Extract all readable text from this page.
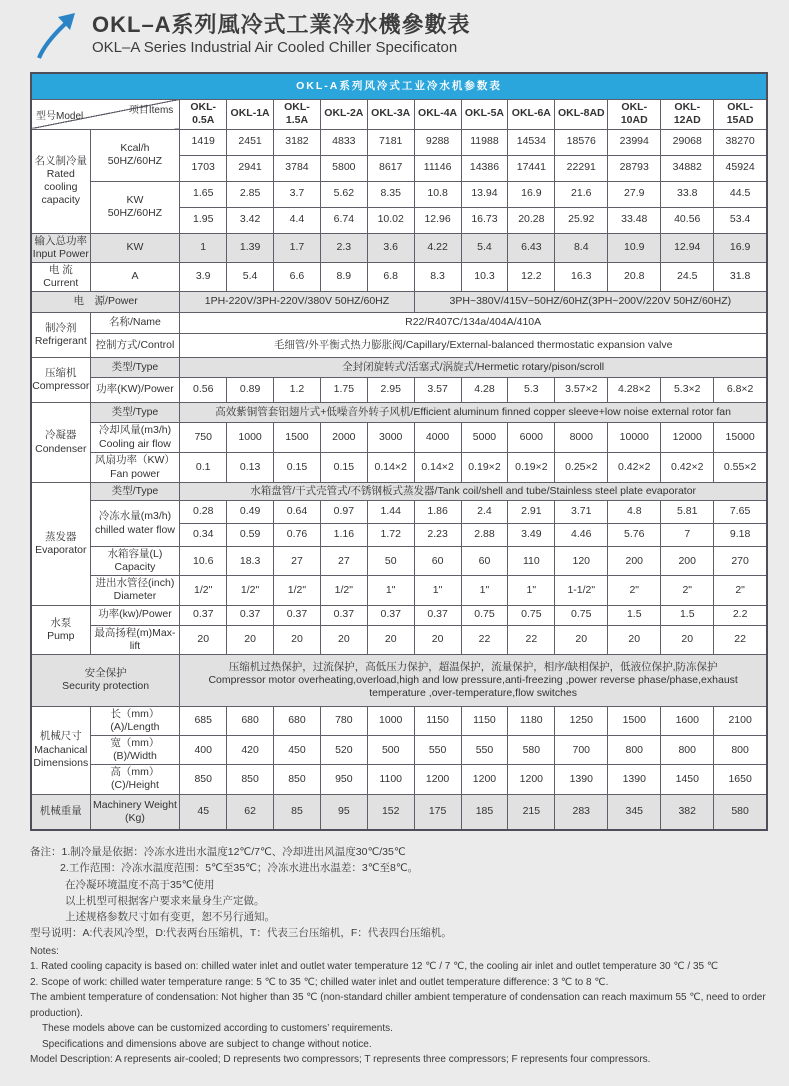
OKL–A系列風冷式工業冷水機參數表
OKL–A Series Industrial Air Cooled Chiller Specificaton
OKL-A系列风冷式工业冷水机参数表													

型号Model
项目Items		OKL-0.5A	OKL-1A	OKL-1.5A	OKL-2A	OKL-3A	OKL-4A	OKL-5A	OKL-6A	OKL-8AD	OKL-10AD	OKL-12AD	OKL-15AD
名义制冷量
Rated
cooling
capacity	Kcal/h
50HZ/60HZ	1419	2451	3182	4833	7181	9288	11988	14534	18576	23994	29068	38270
		1703	2941	3784	5800	8617	11146	14386	17441	22291	28793	34882	45924
	KW
50HZ/60HZ	1.65	2.85	3.7	5.62	8.35	10.8	13.94	16.9	21.6	27.9	33.8	44.5
		1.95	3.42	4.4	6.74	10.02	12.96	16.73	20.28	25.92	33.48	40.56	53.4
输入总功率
Input Power	KW	1	1.39	1.7	2.3	3.6	4.22	5.4	6.43	8.4	10.9	12.94	16.9
电 流
Current	A	3.9	5.4	6.6	8.9	6.8	8.3	10.3	12.2	16.3	20.8	24.5	31.8
电　源/Power		1PH-220V/3PH-220V/380V 50HZ/60HZ					3PH~380V/415V~50HZ/60HZ(3PH~200V/220V 50HZ/60HZ)						
制冷剂
Refrigerant	名称/Name	R22/R407C/134a/404A/410A											
	控制方式/Control	毛细管/外平衡式热力膨胀阀/Capillary/External-balanced thermostatic expansion valve											
压缩机
Compressor	类型/Type	全封闭旋转式/活塞式/涡旋式/Hermetic rotary/pison/scroll											
	功率(KW)/Power	0.56	0.89	1.2	1.75	2.95	3.57	4.28	5.3	3.57×2	4.28×2	5.3×2	6.8×2
冷凝器
Condenser	类型/Type	高效紫铜管套铝翅片式+低噪音外转子风机/Efficient aluminum finned copper sleeve+low noise external rotor fan											
	冷却风量(m3/h)
Cooling air flow	750	1000	1500	2000	3000	4000	5000	6000	8000	10000	12000	15000
	风扇功率（KW）
Fan power	0.1	0.13	0.15	0.15	0.14×2	0.14×2	0.19×2	0.19×2	0.25×2	0.42×2	0.42×2	0.55×2
蒸发器
Evaporator	类型/Type	水箱盘管/干式壳管式/不锈钢板式蒸发器/Tank coil/shell and tube/Stainless steel plate evaporator											
	冷冻水量(m3/h)
chilled water flow	0.28	0.49	0.64	0.97	1.44	1.86	2.4	2.91	3.71	4.8	5.81	7.65
		0.34	0.59	0.76	1.16	1.72	2.23	2.88	3.49	4.46	5.76	7	9.18
	水箱容量(L)
Capacity	10.6	18.3	27	27	50	60	60	110	120	200	200	270
	进出水管径(inch)
Diameter	1/2"	1/2"	1/2"	1/2"	1"	1"	1"	1"	1-1/2"	2"	2"	2"
水泵
Pump	功率(kw)/Power	0.37	0.37	0.37	0.37	0.37	0.37	0.75	0.75	0.75	1.5	1.5	2.2
	最高扬程(m)Max-lift	20	20	20	20	20	20	22	22	20	20	20	22
安全保护
Security protection		压缩机过热保护，过流保护，高低压力保护，超温保护，流量保护，相序/缺相保护，低液位保护,防冻保护
Compressor motor overheating,overload,high and low pressure,anti-freezing ,power reverse phase/phase,exhaust temperature ,over-temperature,flow switches											
机械尺寸
Machanical
Dimensions	长（mm）(A)/Length	685	680	680	780	1000	1150	1150	1180	1250	1500	1600	2100
	宽（mm）(B)/Width	400	420	450	520	500	550	550	580	700	800	800	800
	高（mm）(C)/Height	850	850	850	950	1100	1200	1200	1200	1390	1390	1450	1650
机械重量	Machinery Weight
(Kg)	45	62	85	95	152	175	185	215	283	345	382	580
备注：1.制冷量是依据：冷冻水进出水温度12℃/7℃、冷却进出风温度30℃/35℃
2.工作范围：冷冻水温度范围：5℃至35℃；冷冻水进出水温差：3℃至8℃。
在冷凝环境温度不高于35℃使用
以上机型可根据客户要求来量身生产定做。
上述规格参数尺寸如有变更，恕不另行通知。
型号说明：A:代表风冷型，D:代表两台压缩机，T：代表三台压缩机，F：代表四台压缩机。
Notes:
1. Rated cooling capacity is based on: chilled water inlet and outlet water temperature 12 ℃ / 7 ℃, the cooling air inlet and outlet temperature 30 ℃ / 35 ℃
2. Scope of work: chilled water temperature range: 5 ℃ to 35 ℃; chilled water inlet and outlet temperature difference: 3 ℃ to 8 ℃.
The ambient temperature of condensation: Not higher than 35 ℃ (non-standard chiller ambient temperature of condensation can reach maximum 55 ℃, need to order production).
These models above can be customized according to customers’ requirements.
Specifications and dimensions above are subject to change without notice.
Model Description: A represents air-cooled; D represents two compressors; T represents three compressors; F represents four compressors.
